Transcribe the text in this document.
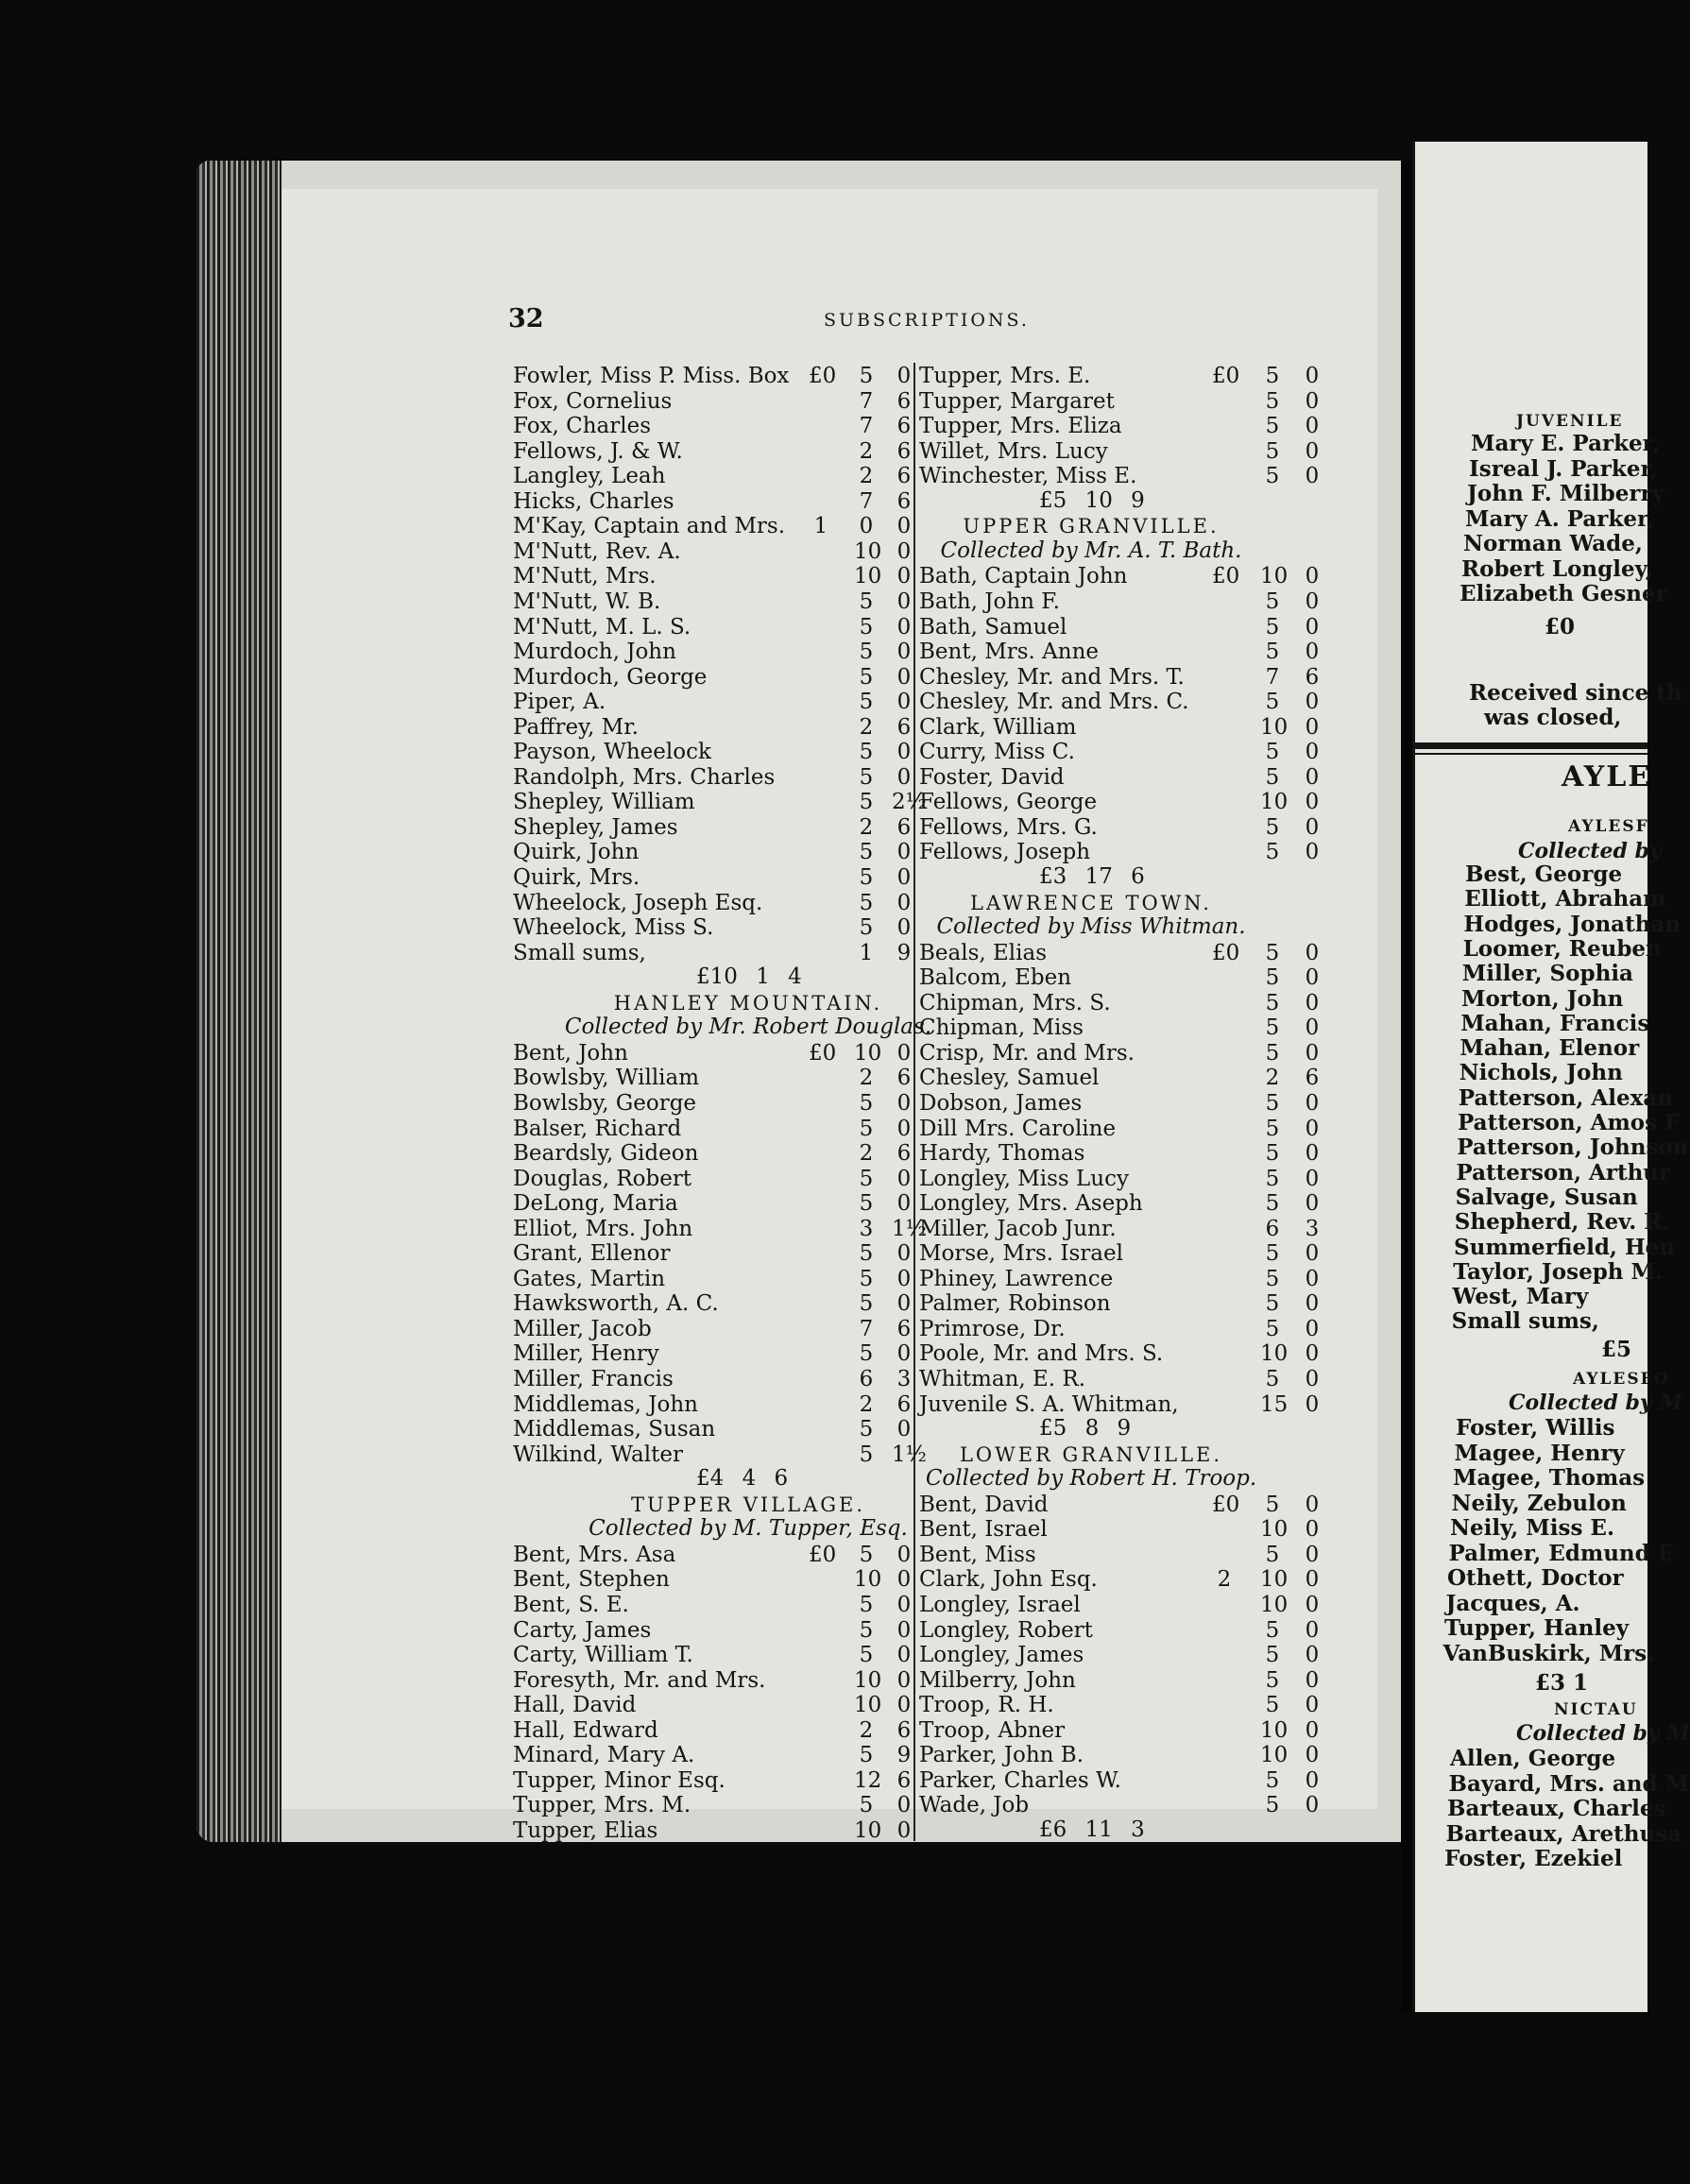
32	SUBSCRIPTIONS.
JUVENILE
Mary E. Parker,
Isreal J. Parker,
John F. Milberry
Mary A. Parker,
Norman Wade,
Robert Longley,
Elizabeth Gesner
£0
Received since th
was closed,
AYLE
AYLESF
Collected by
Best, George
Elliott, Abraham
Hodges, Jonathan
Loomer, Reuben
Miller, Sophia
Morton, John
Mahan, Francis
Mahan, Elenor
Nichols, John
Patterson, Alexan
Patterson, Amos F
Patterson, Johnson
Patterson, Arthur
Salvage, Susan
Shepherd, Rev. R.
Summerfield, Hen
Taylor, Joseph M.
West, Mary
Small sums,
£5
AYLESFO
Collected by M
Foster, Willis
Magee, Henry
Magee, Thomas
Neily, Zebulon
Neily, Miss E.
Palmer, Edmund E
Othett, Doctor
Jacques, A.
Tupper, Hanley
VanBuskirk, Mrs.
£3 1
NICTAU
Collected by M
Allen, George
Bayard, Mrs. and M
Barteaux, Charles
Barteaux, Arethusa
Foster, Ezekiel
Fowler, Miss P. Miss. Box £0 5 0
Fox, Cornelius	7 6
Fox, Charles	7 6
Fellows, J. & W.	2 6
Langley, Leah	2 6
Hicks, Charles	7 6
M'Kay, Captain and Mrs. 1 0 0
M'Nutt, Rev. A.	10 0
M'Nutt, Mrs.	10 0
M'Nutt, W. B.	5 0
M'Nutt, M. L. S.	5 0
Murdoch, John	5 0
Murdoch, George	5 0
Piper, A.	5 0
Paffrey, Mr.	2 6
Payson, Wheelock	5 0
Randolph, Mrs. Charles	5 0
Shepley, William	5 2½
Shepley, James	2 6
Quirk, John	5 0
Quirk, Mrs.	5 0
Wheelock, Joseph Esq.	5 0
Wheelock, Miss S.	5 0
Small sums,	1 9
£10 1 4
HANLEY MOUNTAIN.
Collected by Mr. Robert Douglas.
Bent, John	£0 10 0
Bowlsby, William	2 6
Bowlsby, George	5 0
Balser, Richard	5 0
Beardsly, Gideon	2 6
Douglas, Robert	5 0
DeLong, Maria	5 0
Elliot, Mrs. John	3 1½
Grant, Ellenor	5 0
Gates, Martin	5 0
Hawksworth, A. C.	5 0
Miller, Jacob	7 6
Miller, Henry	5 0
Miller, Francis	6 3
Middlemas, John	2 6
Middlemas, Susan	5 0
Wilkind, Walter	5 1½
£4 4 6
TUPPER VILLAGE.
Collected by M. Tupper, Esq.
Bent, Mrs. Asa	£0 5 0
Bent, Stephen	10 0
Bent, S. E.	5 0
Carty, James	5 0
Carty, William T.	5 0
Foresyth, Mr. and Mrs.	10 0
Hall, David	10 0
Hall, Edward	2 6
Minard, Mary A.	5 9
Tupper, Minor Esq.	12 6
Tupper, Mrs. M.	5 0
Tupper, Elias	10 0
Tupper, Mrs. E.	£0 5 0
Tupper, Margaret	5 0
Tupper, Mrs. Eliza	5 0
Willet, Mrs. Lucy	5 0
Winchester, Miss E.	5 0
£5 10 9
UPPER GRANVILLE.
Collected by Mr. A. T. Bath.
Bath, Captain John	£0 10 0
Bath, John F.	5 0
Bath, Samuel	5 0
Bent, Mrs. Anne	5 0
Chesley, Mr. and Mrs. T.	7 6
Chesley, Mr. and Mrs. C.	5 0
Clark, William	10 0
Curry, Miss C.	5 0
Foster, David	5 0
Fellows, George	10 0
Fellows, Mrs. G.	5 0
Fellows, Joseph	5 0
£3 17 6
LAWRENCE TOWN.
Collected by Miss Whitman.
Beals, Elias	£0 5 0
Balcom, Eben	5 0
Chipman, Mrs. S.	5 0
Chipman, Miss	5 0
Crisp, Mr. and Mrs.	5 0
Chesley, Samuel	2 6
Dobson, James	5 0
Dill Mrs. Caroline	5 0
Hardy, Thomas	5 0
Longley, Miss Lucy	5 0
Longley, Mrs. Aseph	5 0
Miller, Jacob Junr.	6 3
Morse, Mrs. Israel	5 0
Phiney, Lawrence	5 0
Palmer, Robinson	5 0
Primrose, Dr.	5 0
Poole, Mr. and Mrs. S.	10 0
Whitman, E. R.	5 0
Juvenile S. A. Whitman,	15 0
£5 8 9
LOWER GRANVILLE.
Collected by Robert H. Troop.
Bent, David	£0 5 0
Bent, Israel	10 0
Bent, Miss	5 0
Clark, John Esq.	2 10 0
Longley, Israel	10 0
Longley, Robert	5 0
Longley, James	5 0
Milberry, John	5 0
Troop, R. H.	5 0
Troop, Abner	10 0
Parker, John B.	10 0
Parker, Charles W.	5 0
Wade, Job	5 0
£6 11 3
